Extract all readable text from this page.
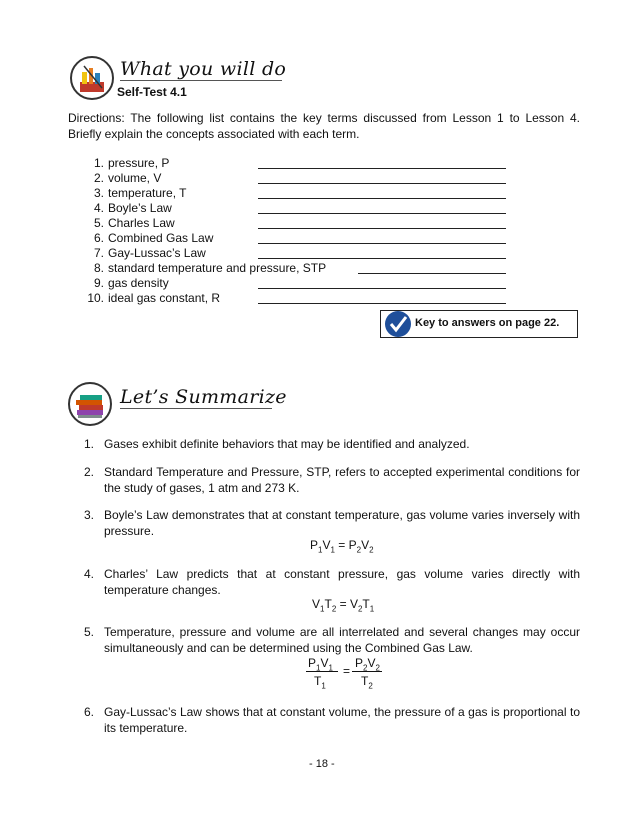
What you will do
Self-Test 4.1
Directions: The following list contains the key terms discussed from Lesson 1 to Lesson 4. Briefly explain the concepts associated with each term.
1. pressure, P
2. volume, V
3. temperature, T
4. Boyle’s Law
5. Charles Law
6. Combined Gas Law
7. Gay-Lussac’s Law
8. standard temperature and pressure, STP
9. gas density
10. ideal gas constant, R
Key to answers on page 22.
Let’s Summarize
1. Gases exhibit definite behaviors that may be identified and analyzed.
2. Standard Temperature and Pressure, STP, refers to accepted experimental conditions for the study of gases, 1 atm and 273 K.
3. Boyle’s Law demonstrates that at constant temperature, gas volume varies inversely with pressure.
$P_1V_1 = P_2V_2$
4. Charles’ Law predicts that at constant pressure, gas volume varies directly with temperature changes.
$V_1T_2 = V_2T_1$
5. Temperature, pressure and volume are all interrelated and several changes may occur simultaneously and can be determined using the Combined Gas Law.
$P_1V_1$
$T_1$
=
$P_2V_2$
$T_2$
6. Gay-Lussac’s Law shows that at constant volume, the pressure of a gas is proportional to its temperature.
- 18 -
